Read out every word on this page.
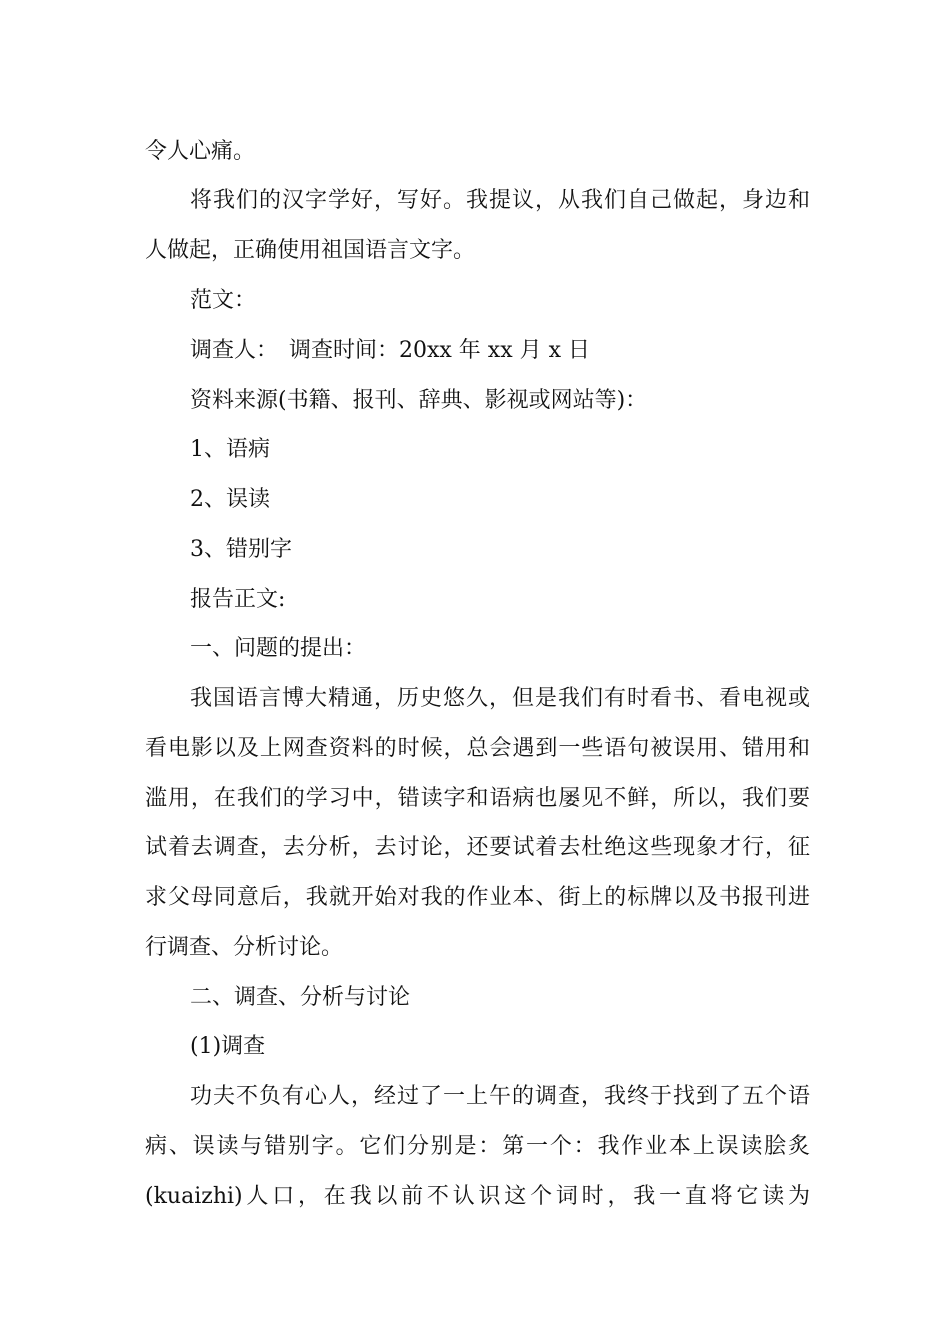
令人心痛。
将我们的汉字学好，写好。我提议，从我们自己做起，身边和
人做起，正确使用祖国语言文字。
范文：
调查人：　调查时间：20xx 年 xx 月 x 日
资料来源(书籍、报刊、辞典、影视或网站等)：
1、语病
2、误读
3、错别字
报告正文:
一、问题的提出：
我国语言博大精通，历史悠久，但是我们有时看书、看电视或
看电影以及上网查资料的时候，总会遇到一些语句被误用、错用和
滥用，在我们的学习中，错读字和语病也屡见不鲜，所以，我们要
试着去调查，去分析，去讨论，还要试着去杜绝这些现象才行，征
求父母同意后，我就开始对我的作业本、街上的标牌以及书报刊进
行调查、分析讨论。
二、调查、分析与讨论
(1)调查
功夫不负有心人，经过了一上午的调查，我终于找到了五个语
病、误读与错别字。它们分别是：第一个：我作业本上误读脍炙
(kuaizhi)人口，在我以前不认识这个词时，我一直将它读为
